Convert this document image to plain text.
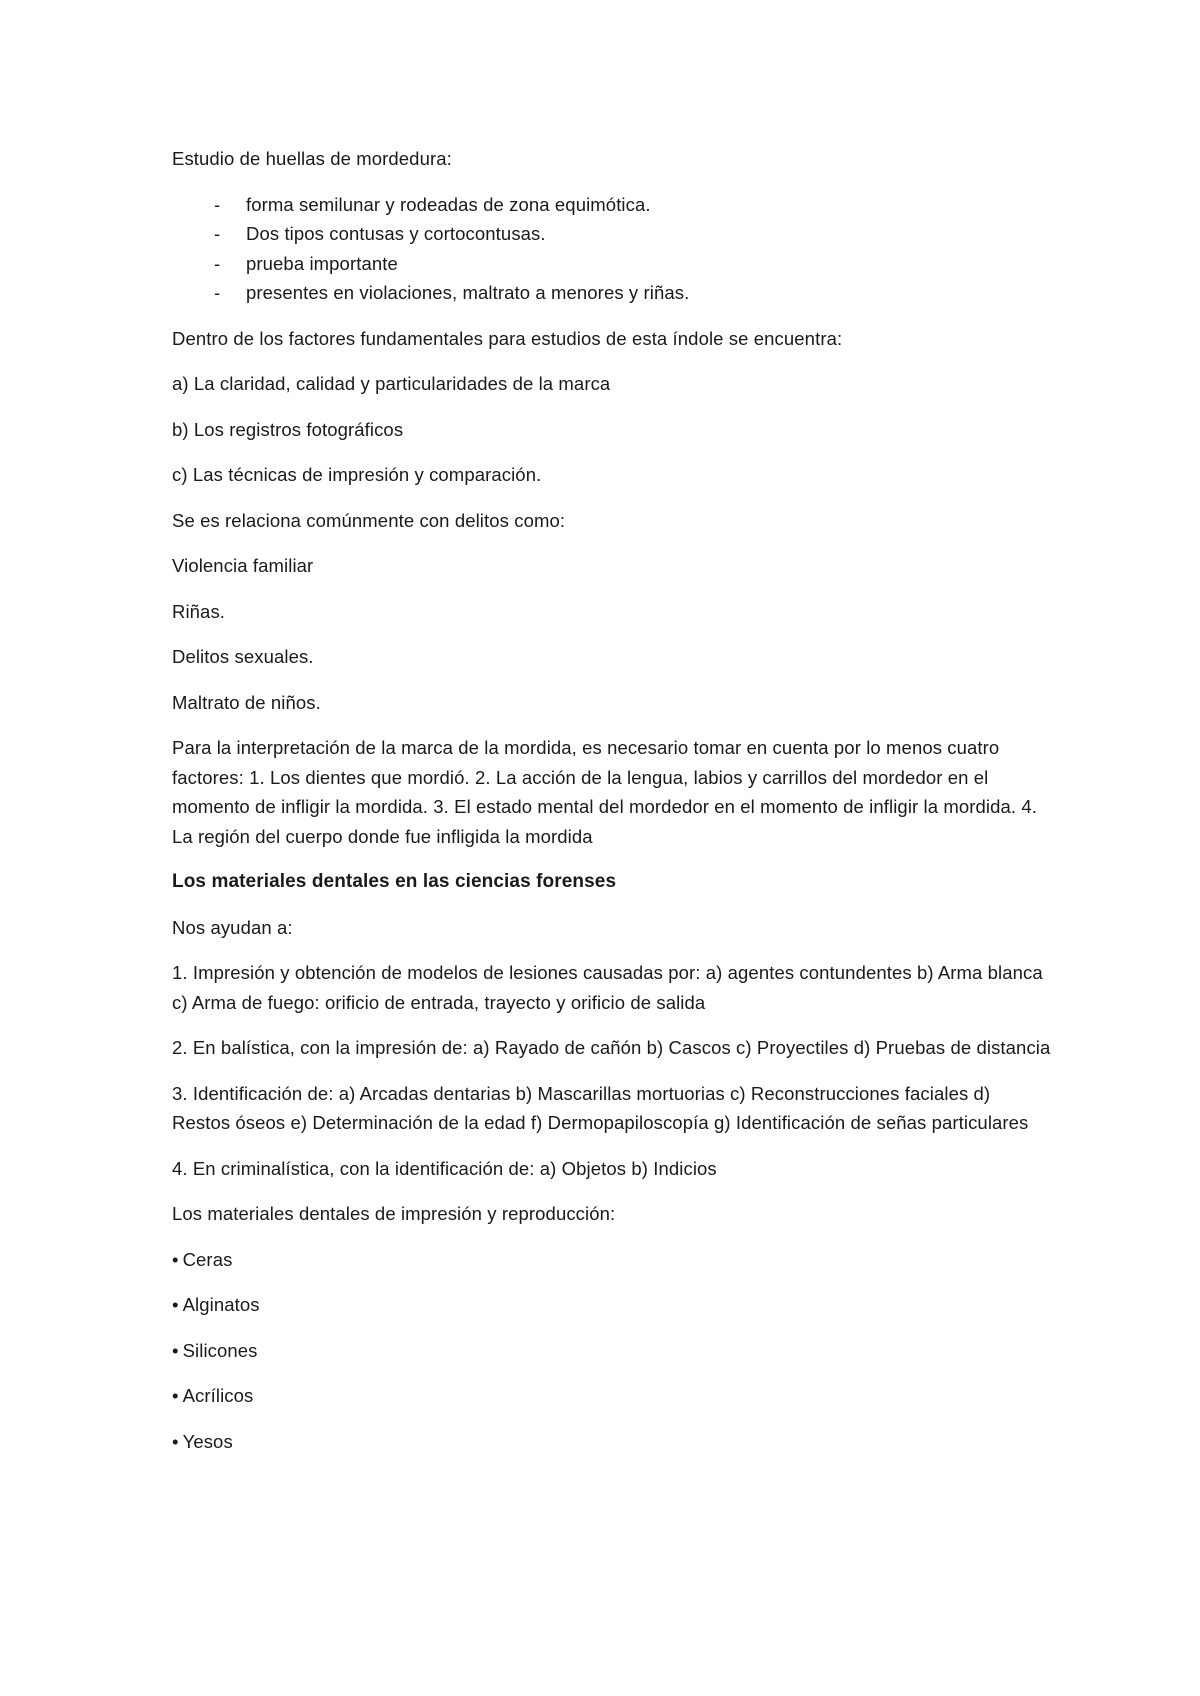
Estudio de huellas de mordedura:

- forma semilunar y rodeadas de zona equimótica.
- Dos tipos contusas y cortocontusas.
- prueba importante
- presentes en violaciones, maltrato a menores y riñas.

Dentro de los factores fundamentales para estudios de esta índole se encuentra:

a) La claridad, calidad y particularidades de la marca

b) Los registros fotográficos

c) Las técnicas de impresión y comparación.

Se es relaciona comúnmente con delitos como:

Violencia familiar

Riñas.

Delitos sexuales.

Maltrato de niños.

Para la interpretación de la marca de la mordida, es necesario tomar en cuenta por lo menos cuatro factores: 1. Los dientes que mordió. 2. La acción de la lengua, labios y carrillos del mordedor en el momento de infligir la mordida. 3. El estado mental del mordedor en el momento de infligir la mordida. 4. La región del cuerpo donde fue infligida la mordida

Los materiales dentales en las ciencias forenses

Nos ayudan a:

1. Impresión y obtención de modelos de lesiones causadas por: a) agentes contundentes b) Arma blanca c) Arma de fuego: orificio de entrada, trayecto y orificio de salida

2. En balística, con la impresión de: a) Rayado de cañón b) Cascos c) Proyectiles d) Pruebas de distancia

3. Identificación de: a) Arcadas dentarias b) Mascarillas mortuorias c) Reconstrucciones faciales d) Restos óseos e) Determinación de la edad f) Dermopapiloscopía g) Identificación de señas particulares

4. En criminalística, con la identificación de: a) Objetos b) Indicios

Los materiales dentales de impresión y reproducción:

• Ceras

• Alginatos

• Silicones

• Acrílicos

• Yesos
